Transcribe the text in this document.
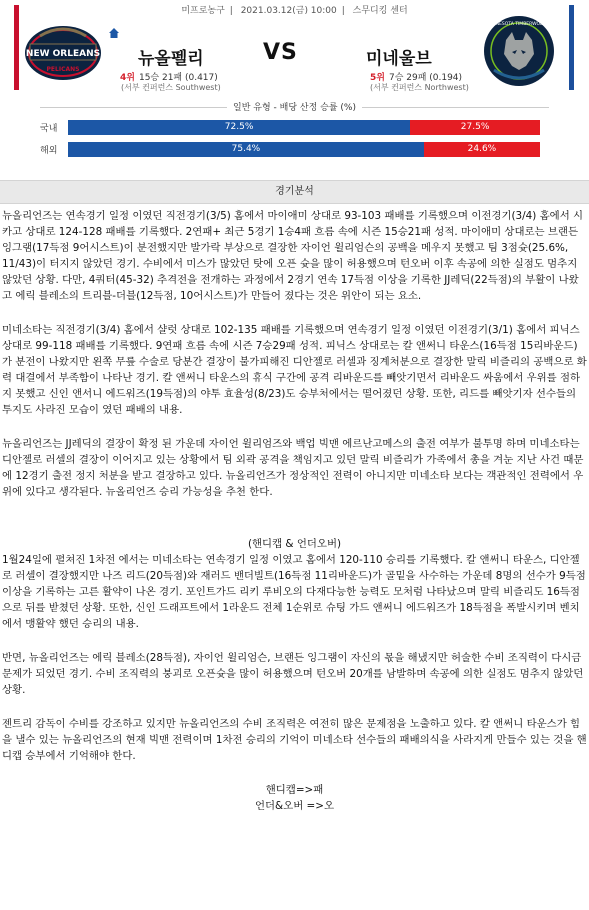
미프로농구 | 2021.03.12(금) 10:00 | 스무디킹 센터
NEW ORLEANS
PELICANS
뉴올펠리	VS	미네울브
4위 15승 21패 (0.417)	5위 7승 29패 (0.194)
(서부 컨퍼런스 Southwest)	(서부 컨퍼런스 Northwest)
MINNESOTA TIMBERWOLVES
일반 유형 - 배당 산정 승률 (%)
국내	72.5%	27.5%
해외	75.4%	24.6%
경기분석

뉴올리언즈는 연속경기 일정 이였던 직전경기(3/5) 홈에서 마이애미 상대로 93-103 패배를 기록했으며 이전경기(3/4) 홈에서 시카고 상대로 124-128 패배를 기록했다. 2연패+ 최근 5경기 1승4패 흐름 속에 시즌 15승21패 성적. 마이애미 상대로는 브랜든 잉그램(17득점 9어시스트)이 분전했지만 발가락 부상으로 결장한 자이언 윌리엄슨의 공백을 메우지 못했고 팀 3점슛(25.6%, 11/43)이 터지지 않았던 경기. 수비에서 미스가 많았던 탓에 오픈 슛을 많이 허용했으며 턴오버 이후 속공에 의한 실점도 멈추지 않았던 상황. 다만, 4쿼터(45-32) 추격전을 전개하는 과정에서 2경기 연속 17득점 이상을 기록한 JJ레딕(22득점)의 부활이 나왔고 에릭 블레소의 트리블-더블(12득점, 10어시스트)가 만들어 졌다는 것은 위안이 되는 요소.

미네소타는 직전경기(3/4) 홈에서 샬럿 상대로 102-135 패배를 기록했으며 연속경기 일정 이였던 이전경기(3/1) 홈에서 피닉스 상대로 99-118 패배를 기록했다. 9연패 흐름 속에 시즌 7승29패 성적. 피닉스 상대로는 칼 앤써니 타운스(16득점 15리바운드)가 분전이 나왔지만 왼쪽 무릎 수술로 당분간 결장이 불가피해진 디안젤로 러셀과 징계처분으로 결장한 말릭 비즐리의 공백으로 화력 대결에서 부족함이 나타난 경기. 칼 앤써니 타운스의 휴식 구간에 공격 리바운드를 빼앗기면서 리바운드 싸움에서 우위를 점하지 못했고 신인 앤서니 에드워즈(19득점)의 야투 효율성(8/23)도 승부처에서는 떨어졌던 상황. 또한, 리드를 빼앗기자 선수들의 투지도 사라진 모습이 였던 패배의 내용.

뉴올리언즈는 JJ레딕의 결장이 확정 된 가운데 자이언 윌리엄즈와 백업 빅맨 에르난고메스의 출전 여부가 불투명 하며 미네소타는 디안젤로 러셀의 결장이 이어지고 있는 상황에서 팀 외곽 공격을 책임지고 있던 말릭 비즐리가 가족에서 총을 겨눈 지난 사건 때문에 12경기 출전 정지 처분을 받고 결장하고 있다. 뉴올리언즈가 정상적인 전력이 아니지만 미네소타 보다는 객관적인 전력에서 우위에 있다고 생각된다. 뉴올리언즈 승리 가능성을 추천 한다.

(핸디캡 & 언더오버)

1월24일에 펼쳐진 1차전 에서는 미네소타는 연속경기 일정 이였고 홈에서 120-110 승리를 기록했다. 칼 앤써니 타운스, 디안젤로 러셀이 결장했지만 나즈 리드(20득점)와 재러드 밴더빌트(16득점 11리바운드)가 골밑을 사수하는 가운데 8명의 선수가 9득점 이상을 기록하는 고른 활약이 나온 경기. 포인트가드 리키 루비오의 다재다능한 능력도 모처럼 나타났으며 말릭 비즐리도 16득점으로 뒤를 받쳤던 상황. 또한, 신인 드래프트에서 1라운드 전체 1순위로 슈팅 가드 앤써니 에드워즈가 18득점을 폭발시키며 벤치에서 맹활약 했던 승리의 내용.

반면, 뉴올리언즈는 에릭 블레소(28득점), 자이언 윌리엄슨, 브랜든 잉그램이 자신의 몫을 해냈지만 허술한 수비 조직력이 다시금 문제가 되었던 경기. 수비 조직력의 붕괴로 오픈슛을 많이 허용했으며 턴오버 20개를 남발하며 속공에 의한 실점도 멈추지 않았던 상황.

젠트리 감독이 수비를 강조하고 있지만 뉴올리언즈의 수비 조직력은 여전히 많은 문제점을 노출하고 있다. 칼 앤써니 타운스가 힘을 낼수 있는 뉴올리언즈의 현재 빅맨 전력이며 1차전 승리의 기억이 미네소타 선수들의 패배의식을 사라지게 만들수 있는 것을 핸디캡 승부에서 기억해야 한다.

핸디캡=>패

언더&오버 =>오
